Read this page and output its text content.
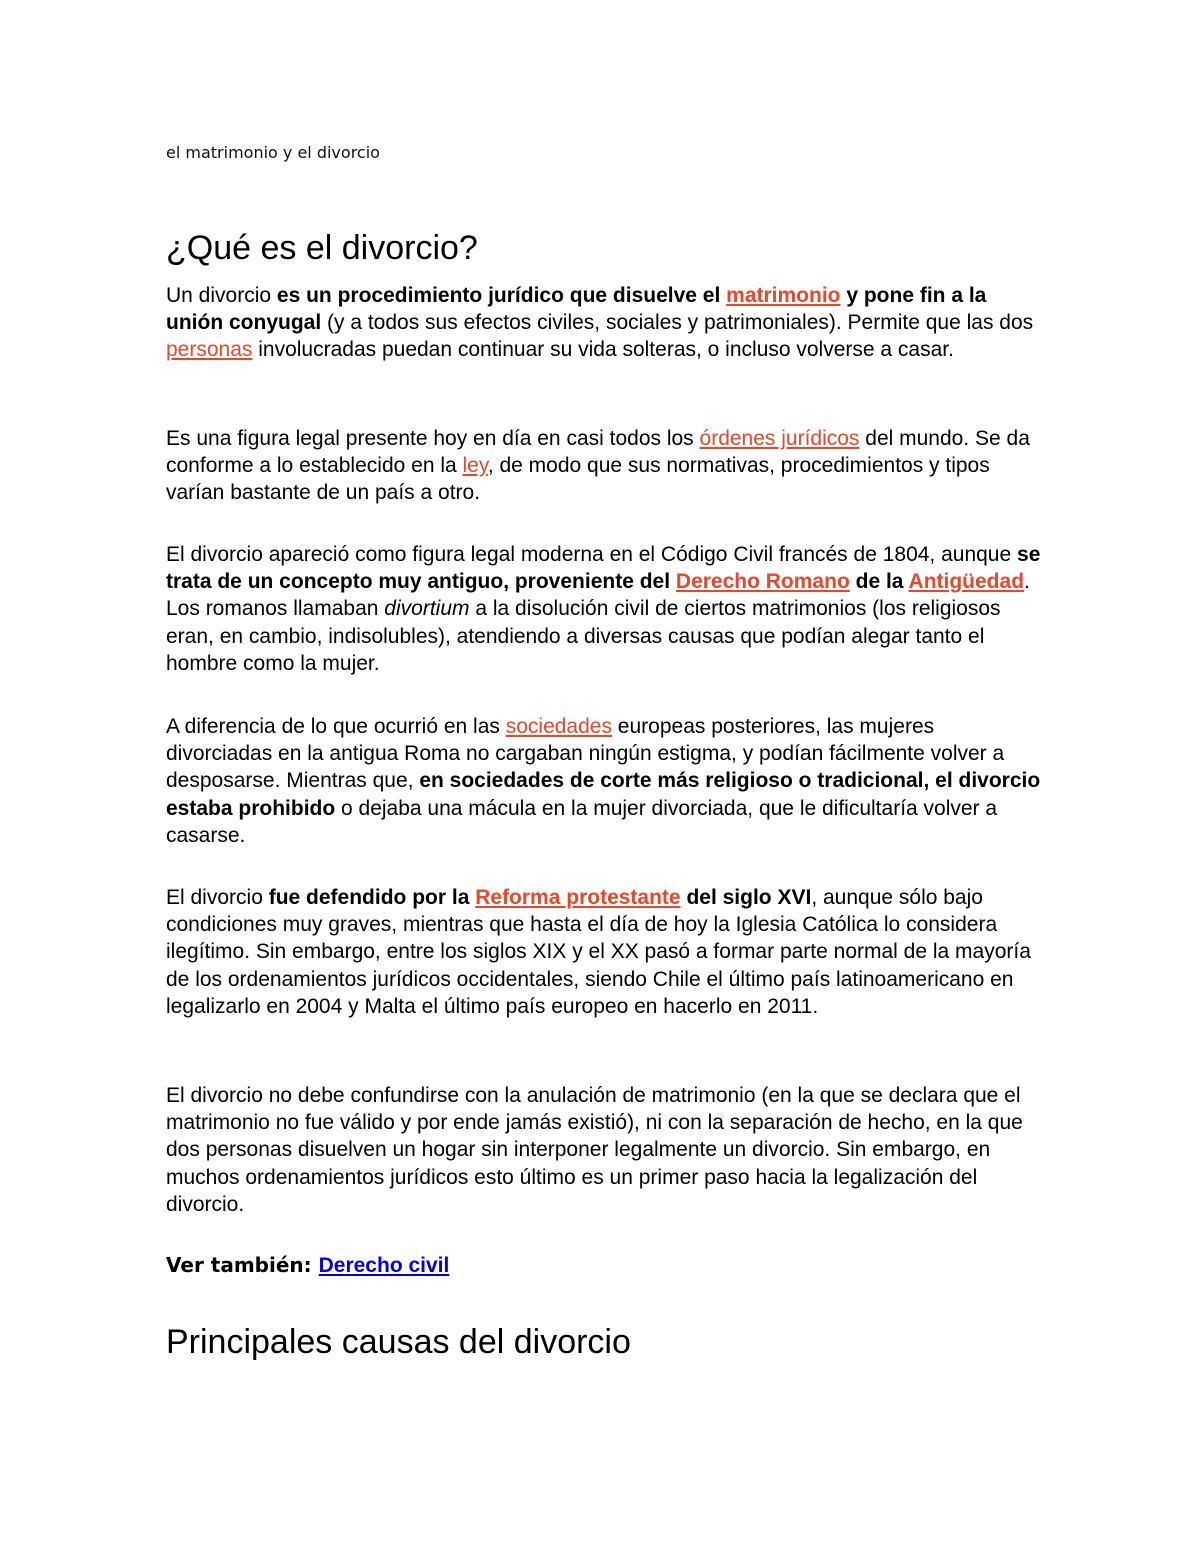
el matrimonio y el divorcio
¿Qué es el divorcio?

Un divorcio es un procedimiento jurídico que disuelve el matrimonio y pone fin a la unión conyugal (y a todos sus efectos civiles, sociales y patrimoniales). Permite que las dos personas involucradas puedan continuar su vida solteras, o incluso volverse a casar.

Es una figura legal presente hoy en día en casi todos los órdenes jurídicos del mundo. Se da conforme a lo establecido en la ley, de modo que sus normativas, procedimientos y tipos varían bastante de un país a otro.

El divorcio apareció como figura legal moderna en el Código Civil francés de 1804, aunque se trata de un concepto muy antiguo, proveniente del Derecho Romano de la Antigüedad. Los romanos llamaban divortium a la disolución civil de ciertos matrimonios (los religiosos eran, en cambio, indisolubles), atendiendo a diversas causas que podían alegar tanto el hombre como la mujer.

A diferencia de lo que ocurrió en las sociedades europeas posteriores, las mujeres divorciadas en la antigua Roma no cargaban ningún estigma, y podían fácilmente volver a desposarse. Mientras que, en sociedades de corte más religioso o tradicional, el divorcio estaba prohibido o dejaba una mácula en la mujer divorciada, que le dificultaría volver a casarse.

El divorcio fue defendido por la Reforma protestante del siglo XVI, aunque sólo bajo condiciones muy graves, mientras que hasta el día de hoy la Iglesia Católica lo considera ilegítimo. Sin embargo, entre los siglos XIX y el XX pasó a formar parte normal de la mayoría de los ordenamientos jurídicos occidentales, siendo Chile el último país latinoamericano en legalizarlo en 2004 y Malta el último país europeo en hacerlo en 2011.

El divorcio no debe confundirse con la anulación de matrimonio (en la que se declara que el matrimonio no fue válido y por ende jamás existió), ni con la separación de hecho, en la que dos personas disuelven un hogar sin interponer legalmente un divorcio. Sin embargo, en muchos ordenamientos jurídicos esto último es un primer paso hacia la legalización del divorcio.

Ver también: Derecho civil

Principales causas del divorcio
